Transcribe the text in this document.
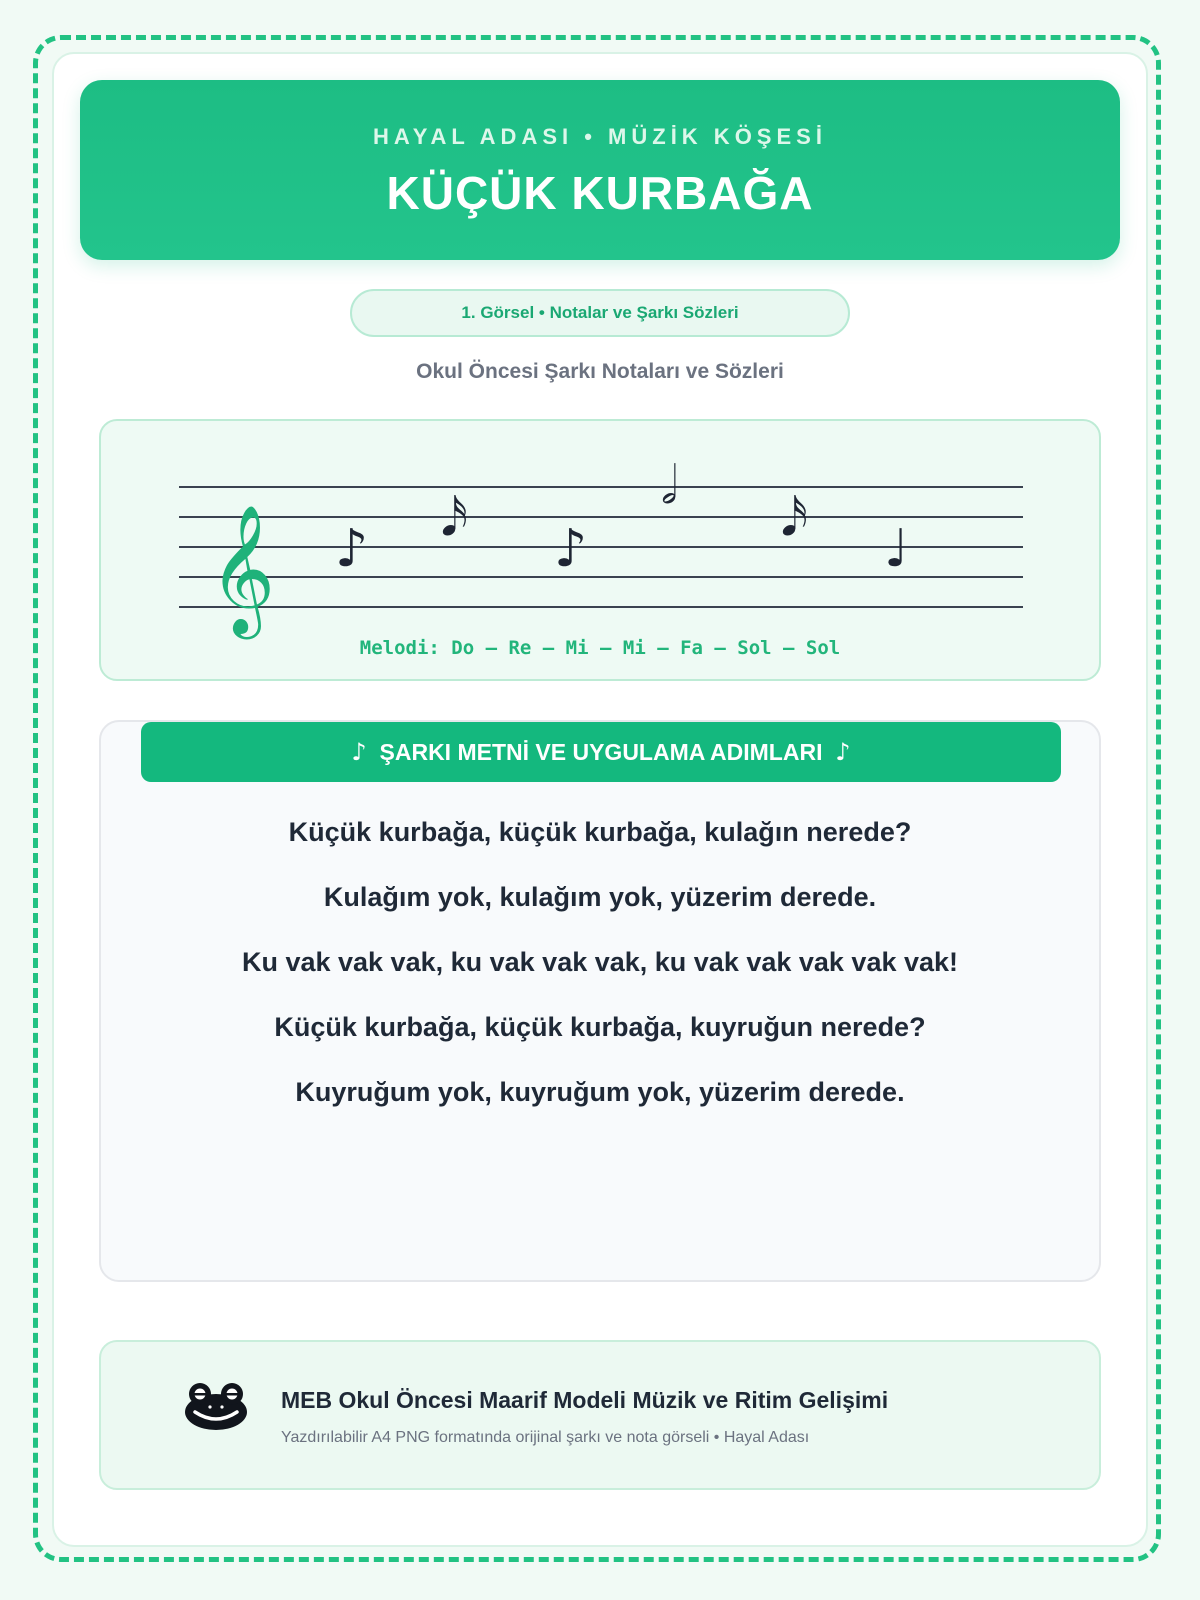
HAYAL ADASI • MÜZİK KÖŞESİ
KÜÇÜK KURBAĞA
1. Görsel • Notalar ve Şarkı Sözleri
Okul Öncesi Şarkı Notaları ve Sözleri
𝄞 ♪
𝅘𝅥𝅯
♪
𝅗𝅥
𝅘𝅥𝅯
♩
Melodi: Do – Re – Mi – Mi – Fa – Sol – Sol
♪ ŞARKI METNİ VE UYGULAMA ADIMLARI ♪
Küçük kurbağa, küçük kurbağa, kulağın nerede?
Kulağım yok, kulağım yok, yüzerim derede.
Ku vak vak vak, ku vak vak vak, ku vak vak vak vak vak!
Küçük kurbağa, küçük kurbağa, kuyruğun nerede?
Kuyruğum yok, kuyruğum yok, yüzerim derede.
MEB Okul Öncesi Maarif Modeli Müzik ve Ritim Gelişimi
Yazdırılabilir A4 PNG formatında orijinal şarkı ve nota görseli • Hayal Adası
